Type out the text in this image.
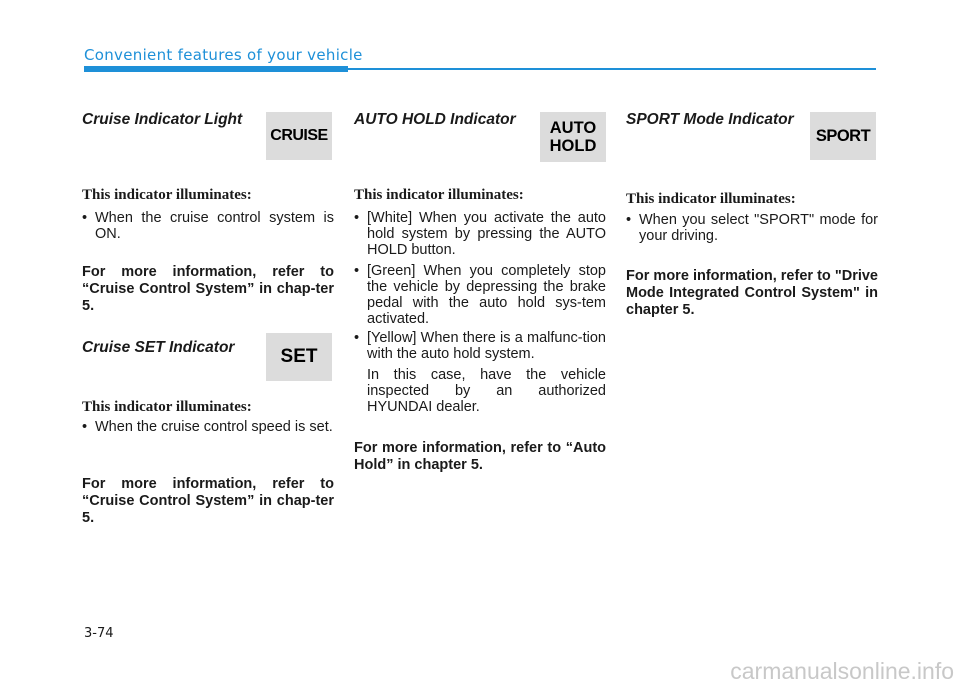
Convenient features of your vehicle
Cruise Indicator Light
CRUISE
This indicator illuminates:
• When the cruise control system is ON.
For more information, refer to “Cruise Control System” in chap-ter 5.
Cruise SET Indicator SET
This indicator illuminates:
• When the cruise control speed is set.
For more information, refer to “Cruise Control System” in chap-ter 5.
AUTO HOLD Indicator AUTO
HOLD
This indicator illuminates:
• [White] When you activate the auto hold system by pressing the AUTO HOLD button.
• [Green] When you completely stop the vehicle by depressing the brake pedal with the auto hold sys-tem activated.
• [Yellow] When there is a malfunc-tion with the auto hold system.
In this case, have the vehicle inspected by an authorized HYUNDAI dealer.
For more information, refer to “Auto Hold” in chapter 5.
SPORT Mode Indicator
SPORT
This indicator illuminates:
• When you select "SPORT" mode for your driving.
For more information, refer to "Drive Mode Integrated Control System" in chapter 5.
3-74
carmanualsonline.info
